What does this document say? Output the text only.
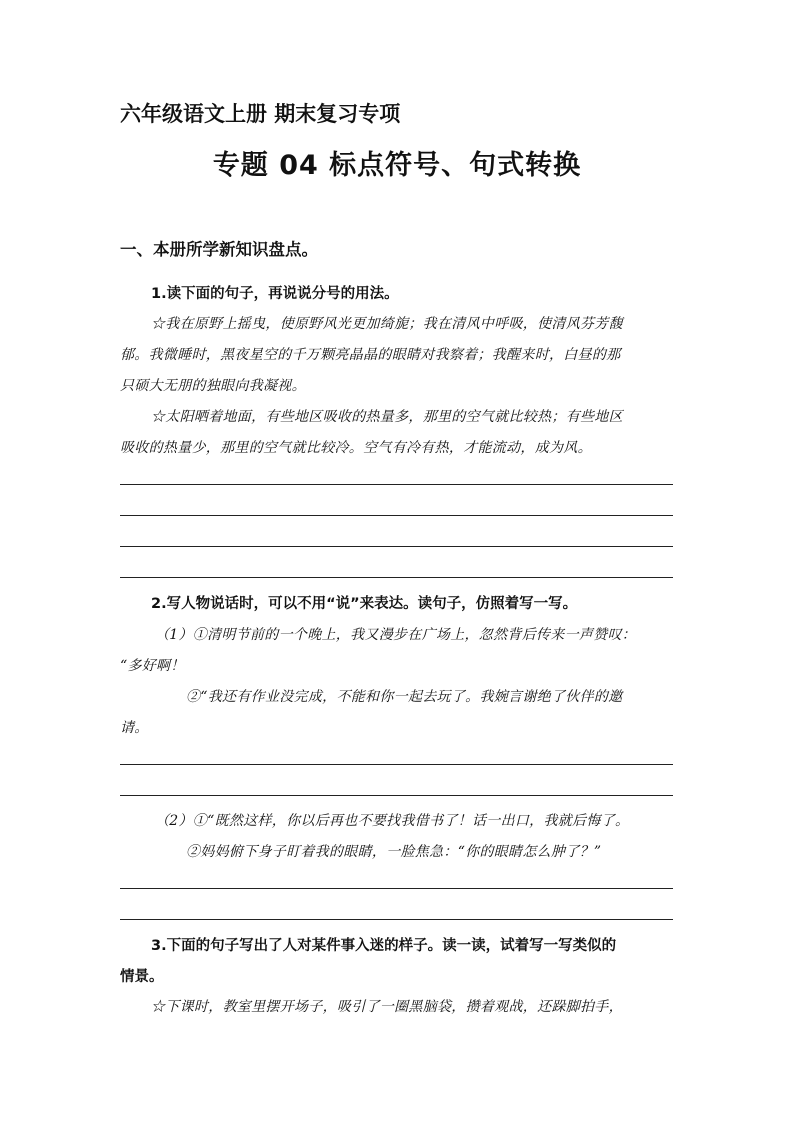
六年级语文上册 期末复习专项
专题 04 标点符号、句式转换
一、本册所学新知识盘点。
1.读下面的句子，再说说分号的用法。
☆我在原野上摇曳，使原野风光更加绮旎；我在清风中呼吸，使清风芬芳馥
郁。我微睡时，黑夜星空的千万颗亮晶晶的眼睛对我察着；我醒来时，白昼的那
只硕大无朋的独眼向我凝视。
☆太阳晒着地面，有些地区吸收的热量多，那里的空气就比较热；有些地区
吸收的热量少，那里的空气就比较冷。空气有冷有热，才能流动，成为风。
2.写人物说话时，可以不用“说”来表达。读句子，仿照着写一写。
（1）①清明节前的一个晚上，我又漫步在广场上，忽然背后传来一声赞叹：
“多好啊！
②“我还有作业没完成，不能和你一起去玩了。我婉言谢绝了伙伴的邀
请。
（2）①“既然这样，你以后再也不要找我借书了！话一出口，我就后悔了。
②妈妈俯下身子盯着我的眼睛，一脸焦急：“你的眼睛怎么肿了？”
3.下面的句子写出了人对某件事入迷的样子。读一读，试着写一写类似的
情景。
☆下课时，教室里摆开场子，吸引了一圈黑脑袋，攒着观战，还跺脚拍手，
